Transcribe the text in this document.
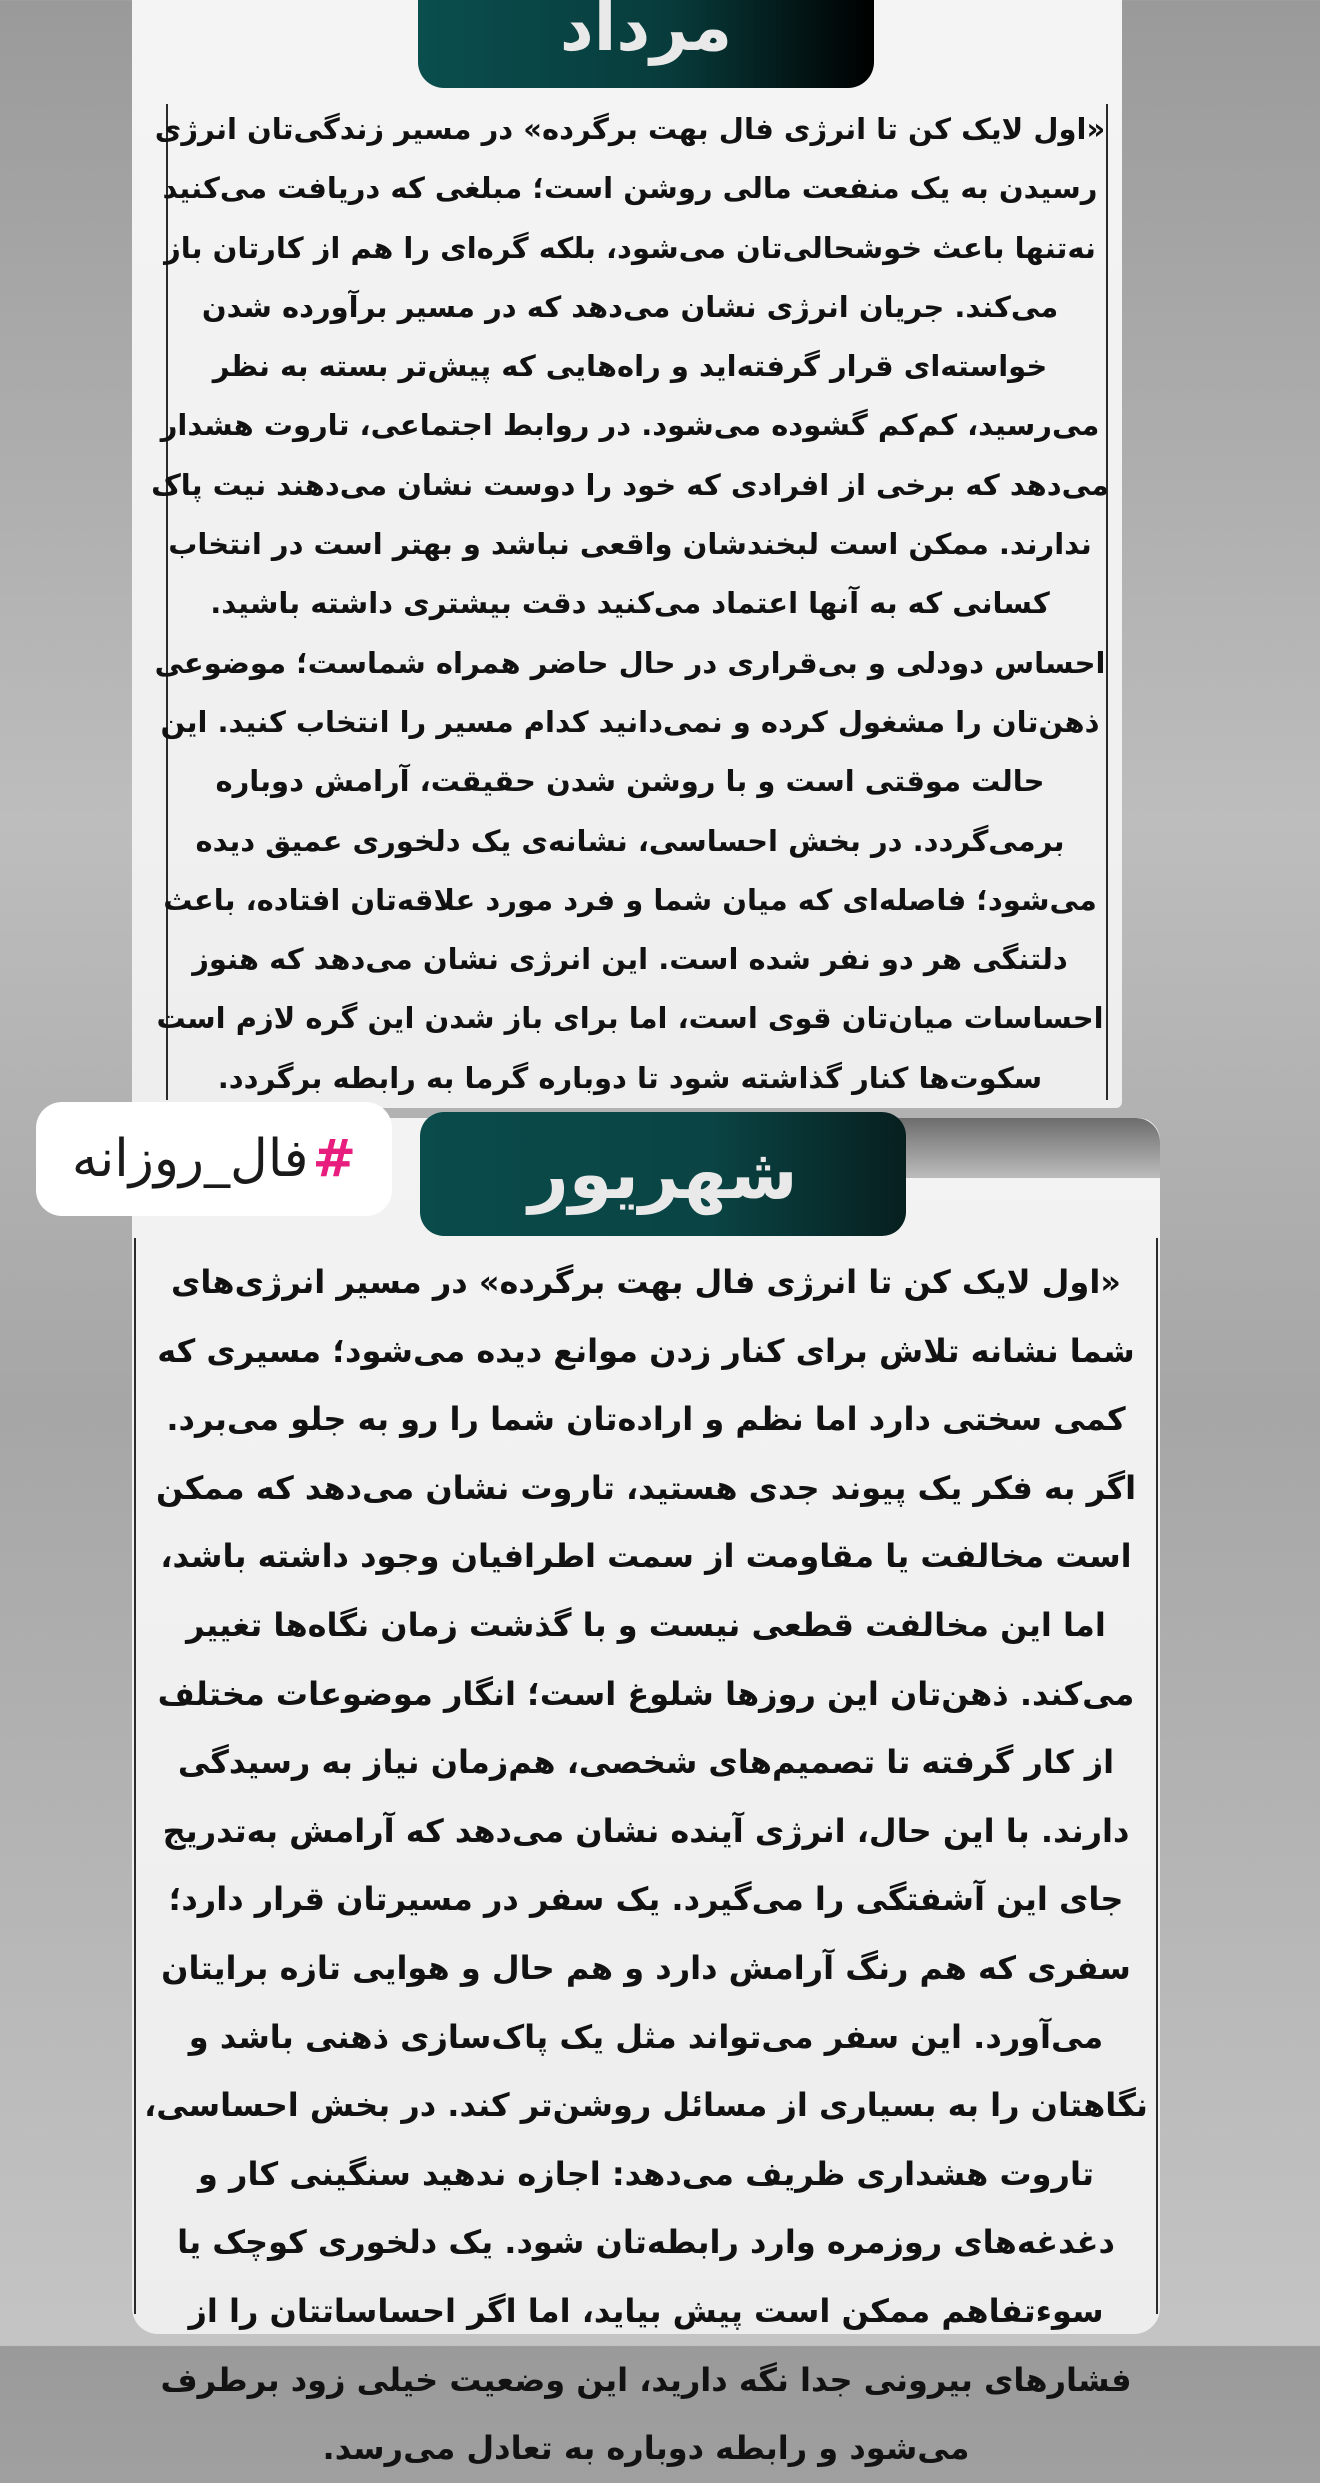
مرداد

«اول لایک کن تا انرژی فال بهت برگرده» در مسیر زندگی‌تان انرژی رسیدن به یک منفعت مالی روشن است؛ مبلغی که دریافت می‌کنید نه‌تنها باعث خوشحالی‌تان می‌شود، بلکه گره‌ای را هم از کارتان باز می‌کند. جریان انرژی نشان می‌دهد که در مسیر برآورده شدن خواسته‌ای قرار گرفته‌اید و راه‌هایی که پیش‌تر بسته به نظر می‌رسید، کم‌کم گشوده می‌شود. در روابط اجتماعی، تاروت هشدار می‌دهد که برخی از افرادی که خود را دوست نشان می‌دهند نیت پاک ندارند. ممکن است لبخندشان واقعی نباشد و بهتر است در انتخاب کسانی که به آنها اعتماد می‌کنید دقت بیشتری داشته باشید. احساس دودلی و بی‌قراری در حال حاضر همراه شماست؛ موضوعی ذهن‌تان را مشغول کرده و نمی‌دانید کدام مسیر را انتخاب کنید. این حالت موقتی است و با روشن شدن حقیقت، آرامش دوباره برمی‌گردد. در بخش احساسی، نشانه‌ی یک دلخوری عمیق دیده می‌شود؛ فاصله‌ای که میان شما و فرد مورد علاقه‌تان افتاده، باعث دلتنگی هر دو نفر شده است. این انرژی نشان می‌دهد که هنوز احساسات میان‌تان قوی است، اما برای باز شدن این گره لازم است سکوت‌ها کنار گذاشته شود تا دوباره گرما به رابطه برگردد.

شهریور

«اول لایک کن تا انرژی فال بهت برگرده» در مسیر انرژی‌های شما نشانه تلاش برای کنار زدن موانع دیده می‌شود؛ مسیری که کمی سختی دارد اما نظم و اراده‌تان شما را رو به جلو می‌برد. اگر به فکر یک پیوند جدی هستید، تاروت نشان می‌دهد که ممکن است مخالفت یا مقاومت از سمت اطرافیان وجود داشته باشد، اما این مخالفت قطعی نیست و با گذشت زمان نگاه‌ها تغییر می‌کند. ذهن‌تان این روزها شلوغ است؛ انگار موضوعات مختلف از کار گرفته تا تصمیم‌های شخصی، هم‌زمان نیاز به رسیدگی دارند. با این حال، انرژی آینده نشان می‌دهد که آرامش به‌تدریج جای این آشفتگی را می‌گیرد. یک سفر در مسیرتان قرار دارد؛ سفری که هم رنگ آرامش دارد و هم حال و هوایی تازه برایتان می‌آورد. این سفر می‌تواند مثل یک پاک‌سازی ذهنی باشد و نگاهتان را به بسیاری از مسائل روشن‌تر کند. در بخش احساسی، تاروت هشداری ظریف می‌دهد: اجازه ندهید سنگینی کار و دغدغه‌های روزمره وارد رابطه‌تان شود. یک دلخوری کوچک یا سوءتفاهم ممکن است پیش بیاید، اما اگر احساساتتان را از فشارهای بیرونی جدا نگه دارید، این وضعیت خیلی زود برطرف می‌شود و رابطه دوباره به تعادل می‌رسد.

#
فال_روزانه
